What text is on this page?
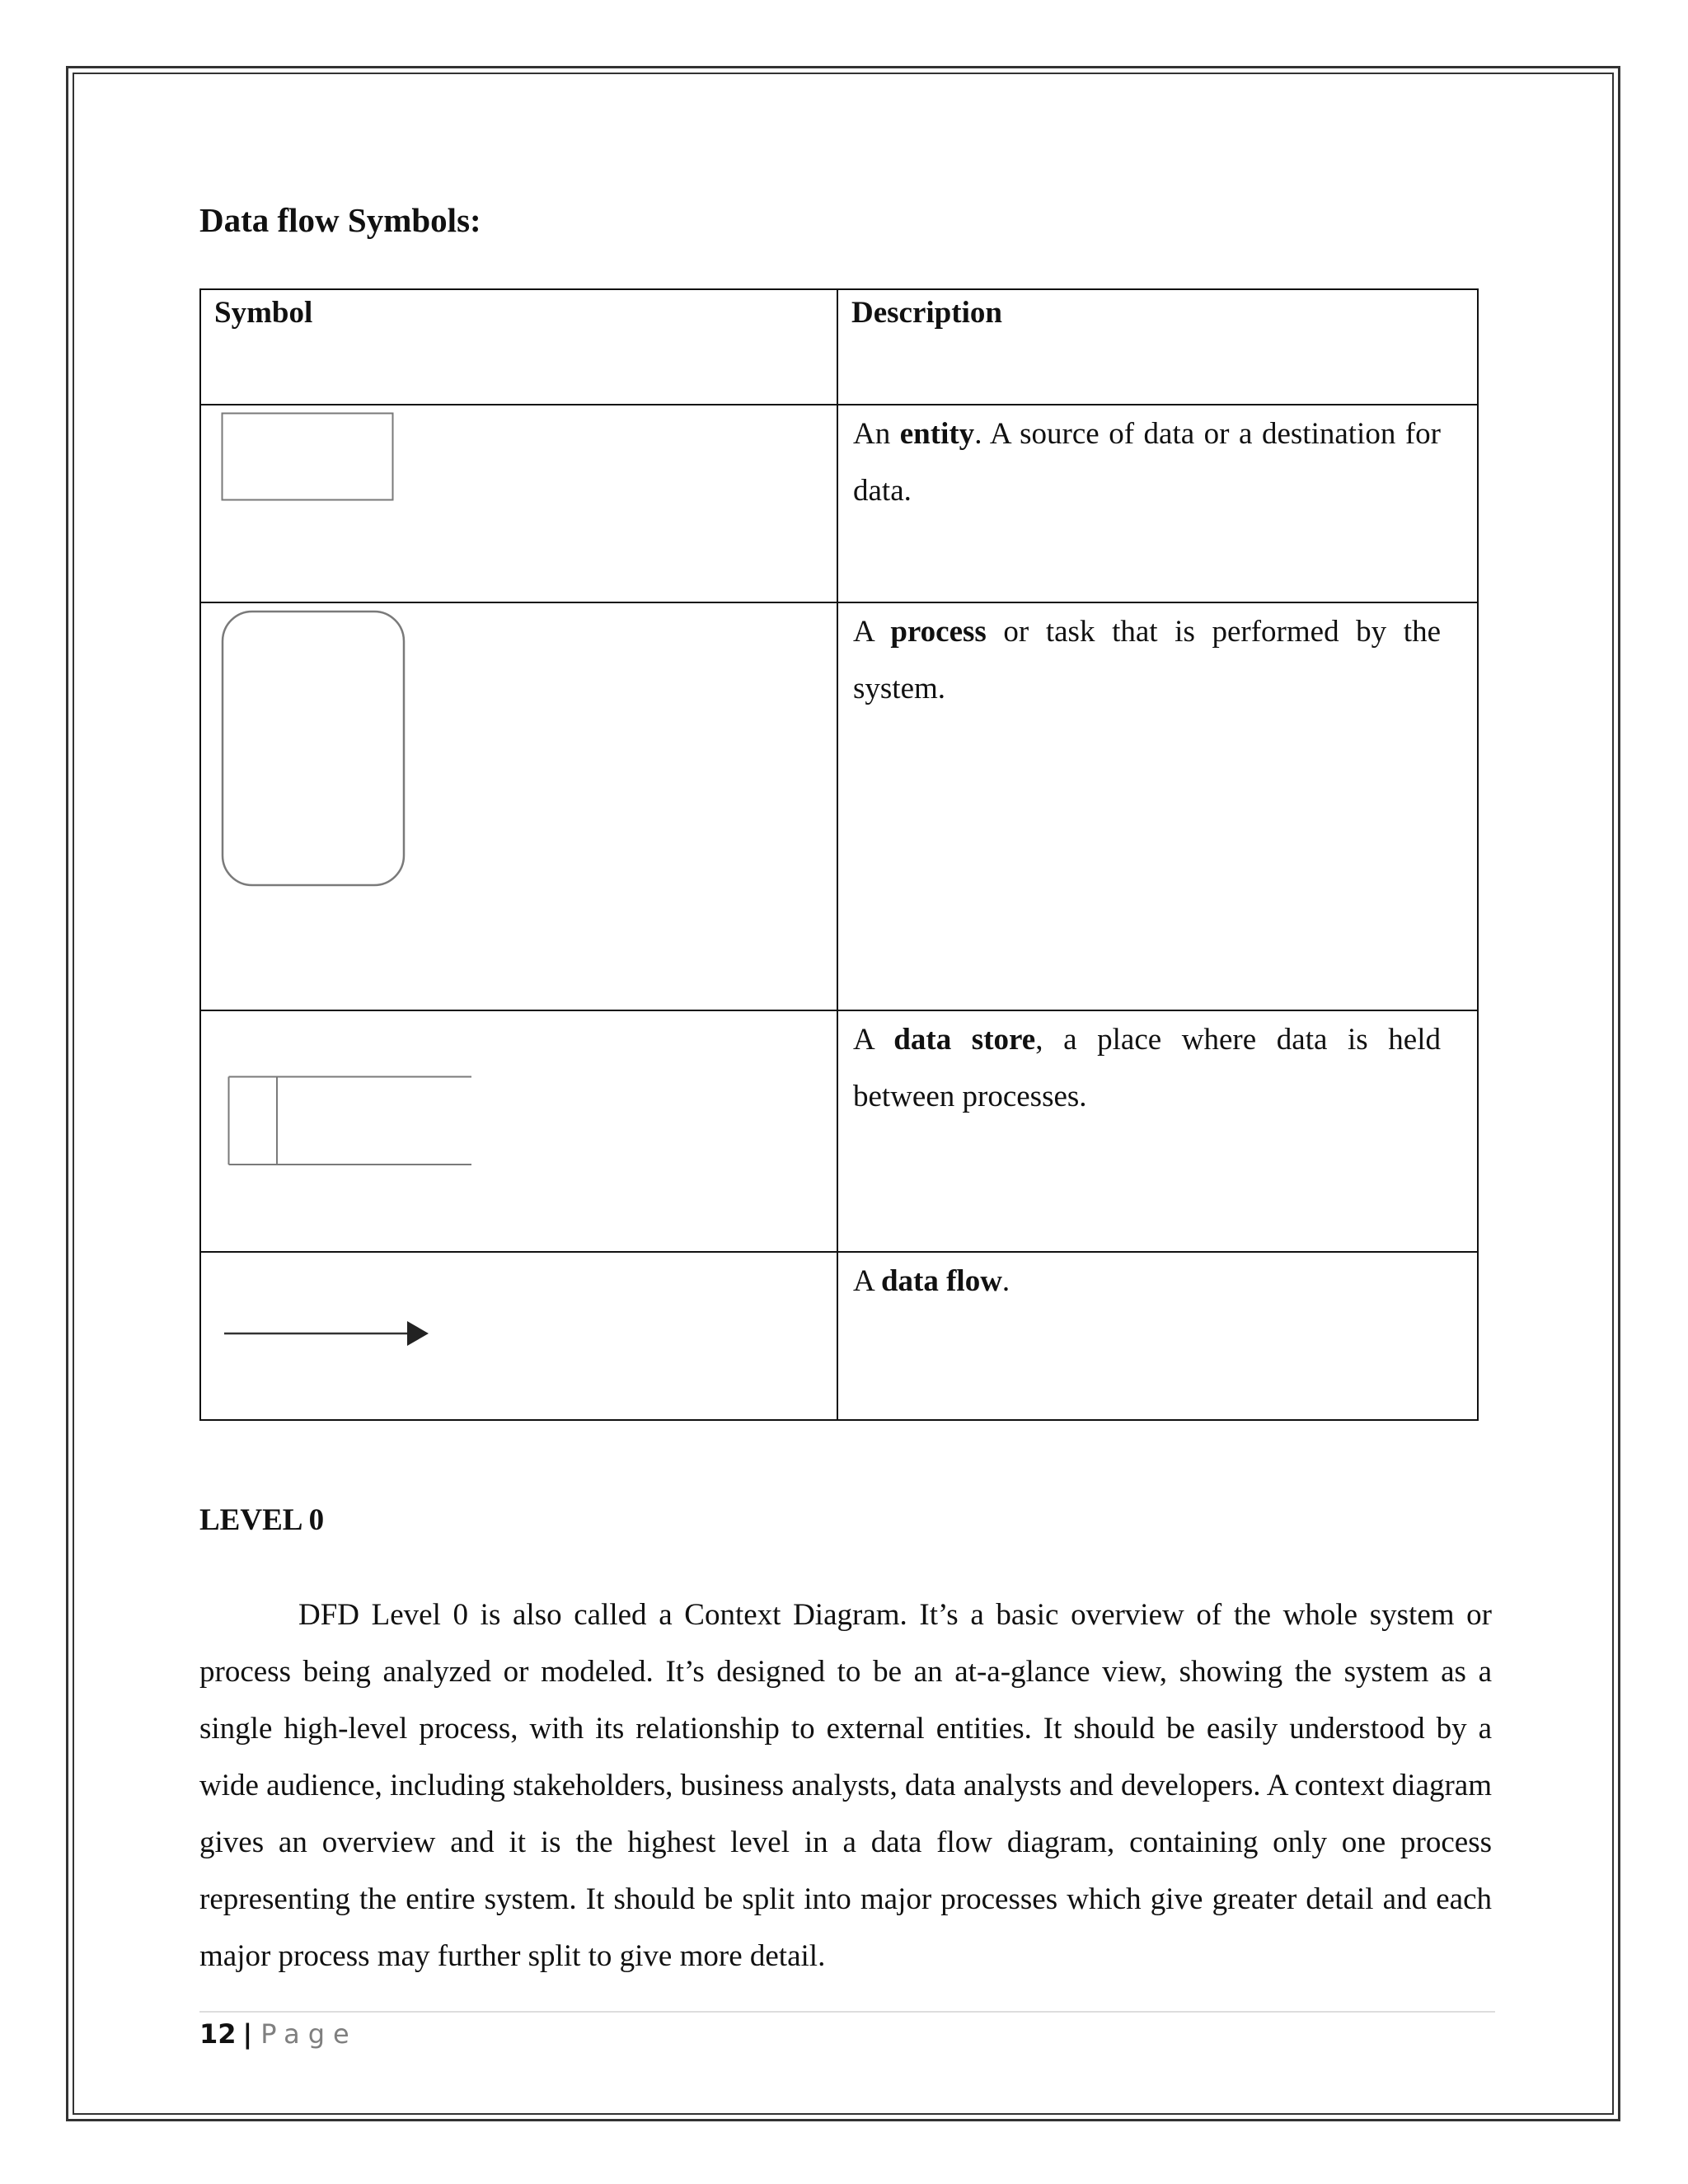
Data flow Symbols:
Symbol	Description

	An entity. A source of data or a destination for data.

	A process or task that is performed by the system.

	A data store, a place where data is held between processes.

	A data flow.
LEVEL 0

DFD Level 0 is also called a Context Diagram. It’s a basic overview of the whole system or process being analyzed or modeled. It’s designed to be an at-a-glance view, showing the system as a single high-level process, with its relationship to external entities. It should be easily understood by a wide audience, including stakeholders, business analysts, data analysts and developers. A context diagram gives an overview and it is the highest level in a data flow diagram, containing only one process representing the entire system. It should be split into major processes which give greater detail and each major process may further split to give more detail.

12 | Page
